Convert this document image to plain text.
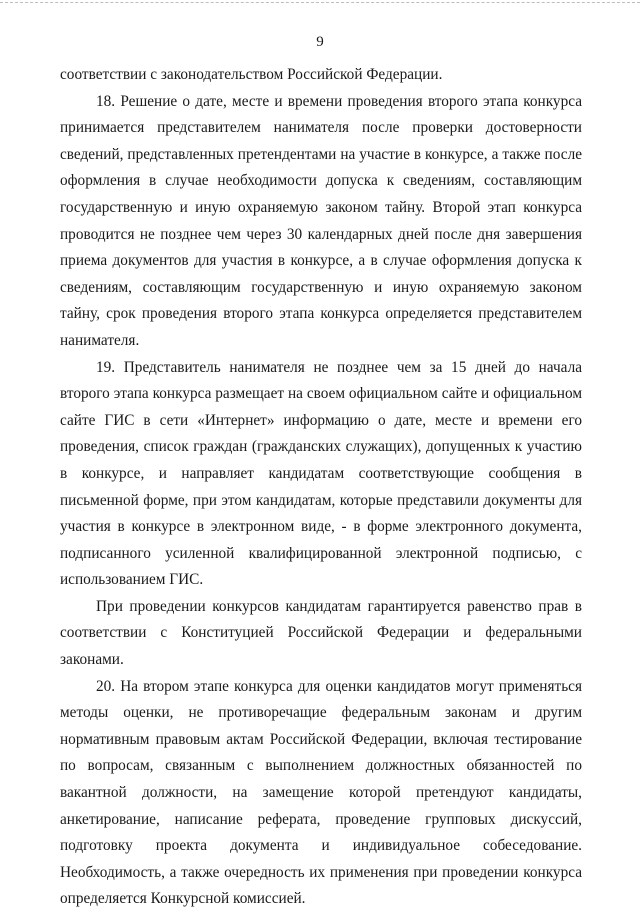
9

соответствии с законодательством Российской Федерации.

18. Решение о дате, месте и времени проведения второго этапа конкурса принимается представителем нанимателя после проверки достоверности сведений, представленных претендентами на участие в конкурсе, а также после оформления в случае необходимости допуска к сведениям, составляющим государственную и иную охраняемую законом тайну. Второй этап конкурса проводится не позднее чем через 30 календарных дней после дня завершения приема документов для участия в конкурсе, а в случае оформления допуска к сведениям, составляющим государственную и иную охраняемую законом тайну, срок проведения второго этапа конкурса определяется представителем нанимателя.

19. Представитель нанимателя не позднее чем за 15 дней до начала второго этапа конкурса размещает на своем официальном сайте и официальном сайте ГИС в сети «Интернет» информацию о дате, месте и времени его проведения, список граждан (гражданских служащих), допущенных к участию в конкурсе, и направляет кандидатам соответствующие сообщения в письменной форме, при этом кандидатам, которые представили документы для участия в конкурсе в электронном виде, - в форме электронного документа, подписанного усиленной квалифицированной электронной подписью, с использованием ГИС.

При проведении конкурсов кандидатам гарантируется равенство прав в соответствии с Конституцией Российской Федерации и федеральными законами.

20. На втором этапе конкурса для оценки кандидатов могут применяться методы оценки, не противоречащие федеральным законам и другим нормативным правовым актам Российской Федерации, включая тестирование по вопросам, связанным с выполнением должностных обязанностей по вакантной должности, на замещение которой претендуют кандидаты, анкетирование, написание реферата, проведение групповых дискуссий, подготовку проекта документа и индивидуальное собеседование. Необходимость, а также очередность их применения при проведении конкурса определяется Конкурсной комиссией.
